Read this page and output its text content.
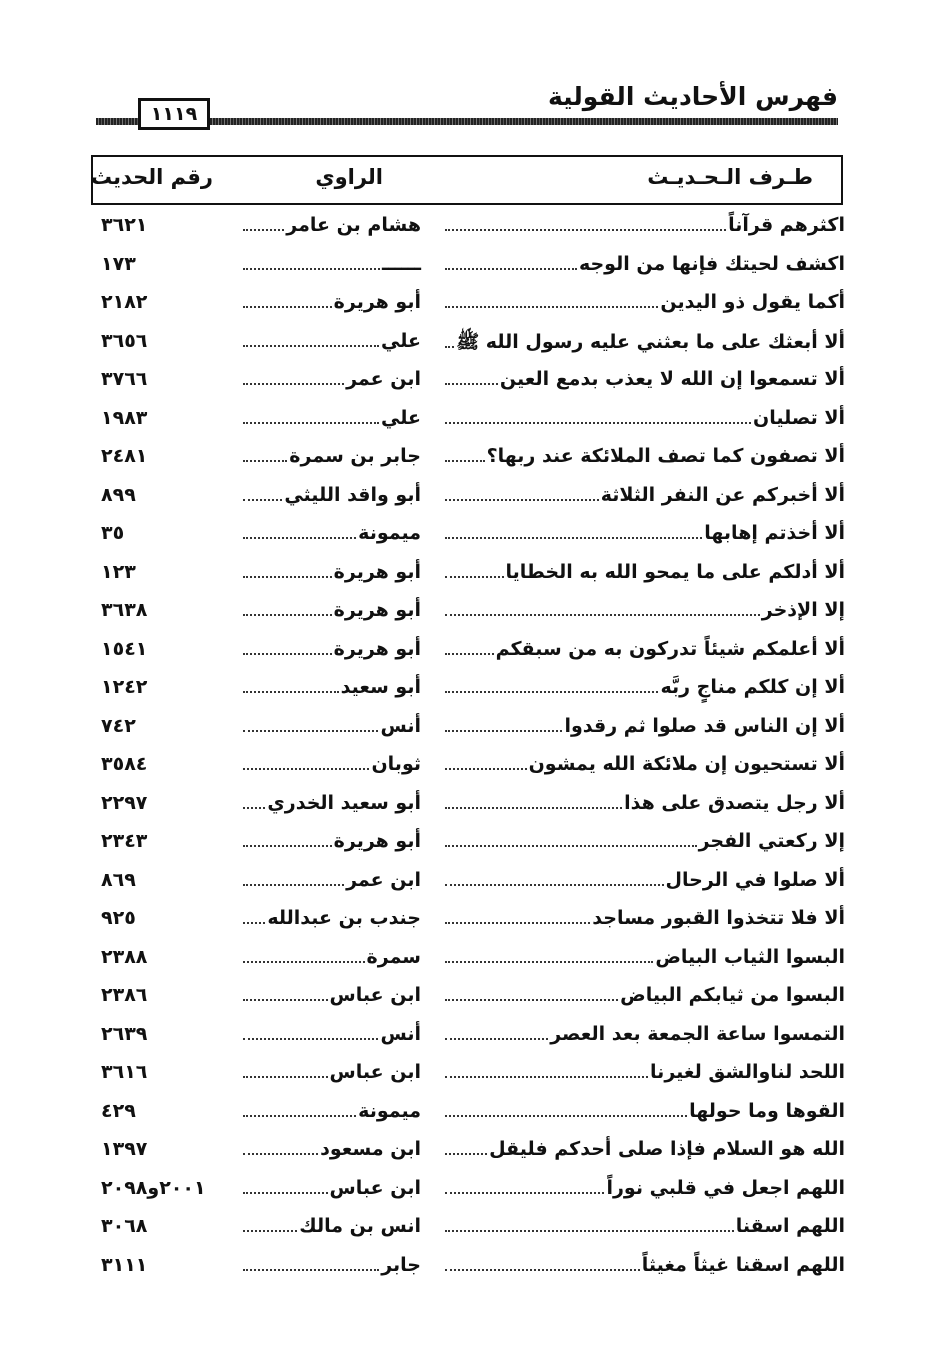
فهرس الأحاديث القولية
١١١٩
طـرف الـحـديـث
الراوي
رقم الحديث
اكثرهم قرآناً
هشام بن عامر
٣٦٢١
اكشف لحيتك فإنها من الوجه
ــــــ
١٧٣
أكما يقول ذو اليدين
أبو هريرة
٢١٨٢
ألا أبعثك على ما بعثني عليه رسول الله ﷺ
علي
٣٦٥٦
ألا تسمعوا إن الله لا يعذب بدمع العين
ابن عمر
٣٧٦٦
ألا تصليان
علي
١٩٨٣
ألا تصفون كما تصف الملائكة عند ربها؟
جابر بن سمرة
٢٤٨١
ألا أخبركم عن النفر الثلاثة
أبو واقد الليثي
٨٩٩
ألا أخذتم إهابها
ميمونة
٣٥
ألا أدلكم على ما يمحو الله به الخطايا
أبو هريرة
١٢٣
إلا الإذخر
أبو هريرة
٣٦٣٨
ألا أعلمكم شيئاً تدركون به من سبقكم
أبو هريرة
١٥٤١
ألا إن كلكم مناجٍ ربَّه
أبو سعيد
١٢٤٢
ألا إن الناس قد صلوا ثم رقدوا
أنس
٧٤٢
ألا تستحيون إن ملائكة الله يمشون
ثوبان
٣٥٨٤
ألا رجل يتصدق على هذا
أبو سعيد الخدري
٢٢٩٧
إلا ركعتي الفجر
أبو هريرة
٢٣٤٣
ألا صلوا في الرحال
ابن عمر
٨٦٩
ألا فلا تتخذوا القبور مساجد
جندب بن عبدالله
٩٢٥
البسوا الثياب البياض
سمرة
٢٣٨٨
البسوا من ثيابكم البياض
ابن عباس
٢٣٨٦
التمسوا ساعة الجمعة بعد العصر
أنس
٢٦٣٩
اللحد لناوالشق لغيرنا
ابن عباس
٣٦١٦
القوها وما حولها
ميمونة
٤٢٩
الله هو السلام فإذا صلى أحدكم فليقل
ابن مسعود
١٣٩٧
اللهم اجعل في قلبي نوراً
ابن عباس
٢٠٠١و٢٠٩٨
اللهم اسقنا
انس بن مالك
٣٠٦٨
اللهم اسقنا غيثاً مغيثاً
جابر
٣١١١
